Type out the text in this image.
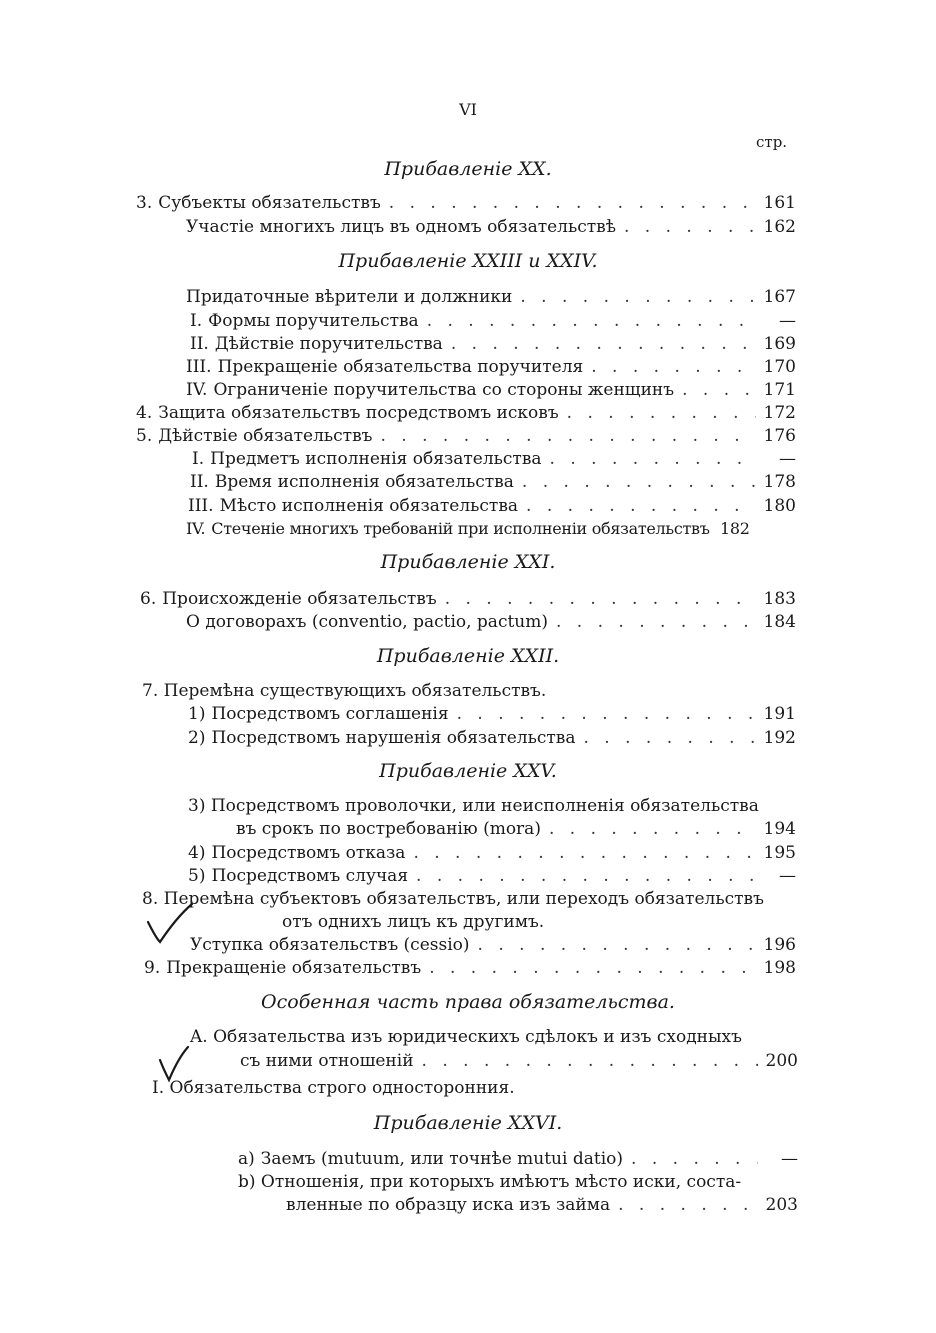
VI
стр.
Прибавленіе XX.
3. Субъекты обязательствъ . . .	161
Участіе многихъ лицъ въ одномъ обязательствѣ . . .	162
Прибавленіе XXIII и XXIV.
Придаточные вѣрители и должники . . .	167
I. Формы поручительства . . .	—
II. Дѣйствіе поручительства . . .	169
III. Прекращеніе обязательства поручителя . . .	170
IV. Ограниченіе поручительства со стороны женщинъ . . .	171
4. Защита обязательствъ посредствомъ исковъ . . .	172
5. Дѣйствіе обязательствъ . . .	176
I. Предметъ исполненія обязательства . . .	—
II. Время исполненія обязательства . . .	178
III. Мѣсто исполненія обязательства . . .	180
IV. Стеченіе многихъ требованій при исполненіи обязательствъ 182
Прибавленіе XXI.
6. Происхожденіе обязательствъ . . .	183
О договорахъ (conventio, pactio, pactum) . . .	184
Прибавленіе XXII.
7. Перемѣна существующихъ обязательствъ.
1) Посредствомъ соглашенія . . .	191
2) Посредствомъ нарушенія обязательства . . .	192
Прибавленіе XXV.
3) Посредствомъ проволочки, или неисполненія обязательства
въ срокъ по востребованію (mora) . . .	194
4) Посредствомъ отказа . . .	195
5) Посредствомъ случая . . .	—
8. Перемѣна субъектовъ обязательствъ, или переходъ обязательствъ
отъ однихъ лицъ къ другимъ.
Уступка обязательствъ (cessio) . . .	196
9. Прекращеніе обязательствъ . . .	198
Особенная часть права обязательства.
A. Обязательства изъ юридическихъ сдѣлокъ и изъ сходныхъ
съ ними отношеній . . .	200
I. Обязательства строго односторонния.
Прибавленіе XXVI.
a) Заемъ (mutuum, или точнѣе mutui datio) . . .	—
b) Отношенія, при которыхъ имѣютъ мѣсто иски, соста-
вленные по образцу иска изъ займа . . .	203
